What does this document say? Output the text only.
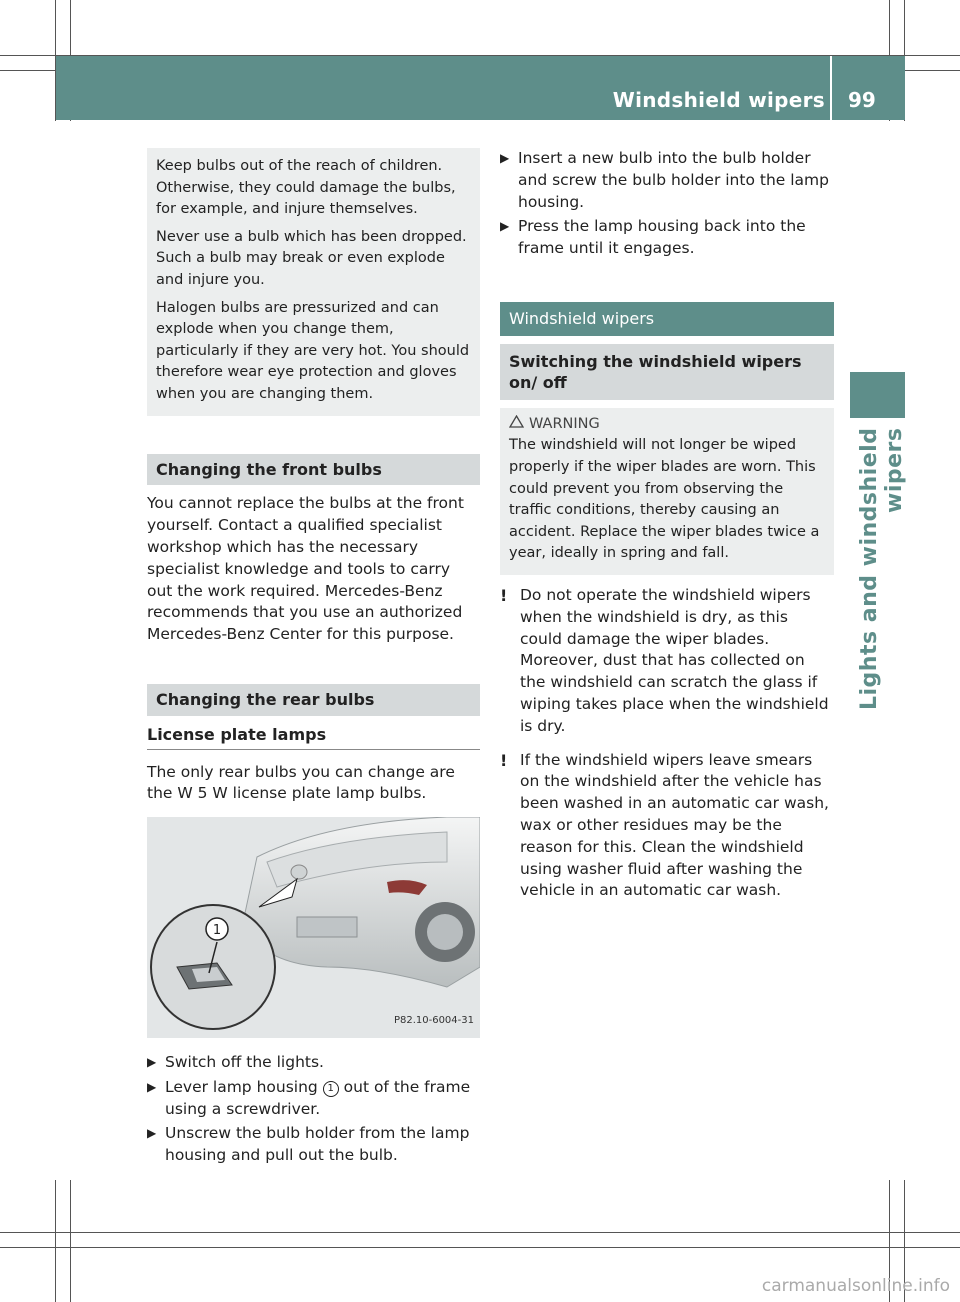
Windshield wipers 99
Lights and windshield wipers

Keep bulbs out of the reach of children. Otherwise, they could damage the bulbs, for example, and injure themselves.

Never use a bulb which has been dropped. Such a bulb may break or even explode and injure you.

Halogen bulbs are pressurized and can explode when you change them, particularly if they are very hot. You should therefore wear eye protection and gloves when you are changing them.

Changing the front bulbs

You cannot replace the bulbs at the front yourself. Contact a qualified specialist workshop which has the necessary specialist knowledge and tools to carry out the work required. Mercedes-Benz recommends that you use an authorized Mercedes-Benz Center for this purpose.

Changing the rear bulbs
License plate lamps

The only rear bulbs you can change are the W 5 W license plate lamp bulbs.

1
P82.10-6004-31
▶ Switch off the lights.
▶ Lever lamp housing 1 out of the frame using a screwdriver.
▶ Unscrew the bulb holder from the lamp housing and pull out the bulb.
▶ Insert a new bulb into the bulb holder and screw the bulb holder into the lamp housing.
▶ Press the lamp housing back into the frame until it engages.
Windshield wipers
Switching the windshield wipers on/ off
WARNING
The windshield will not longer be wiped properly if the wiper blades are worn. This could prevent you from observing the traffic conditions, thereby causing an accident. Replace the wiper blades twice a year, ideally in spring and fall.
! Do not operate the windshield wipers when the windshield is dry, as this could damage the wiper blades. Moreover, dust that has collected on the windshield can scratch the glass if wiping takes place when the windshield is dry.
! If the windshield wipers leave smears on the windshield after the vehicle has been washed in an automatic car wash, wax or other residues may be the reason for this. Clean the windshield using washer fluid after washing the vehicle in an automatic car wash.
carmanualsonline.info
